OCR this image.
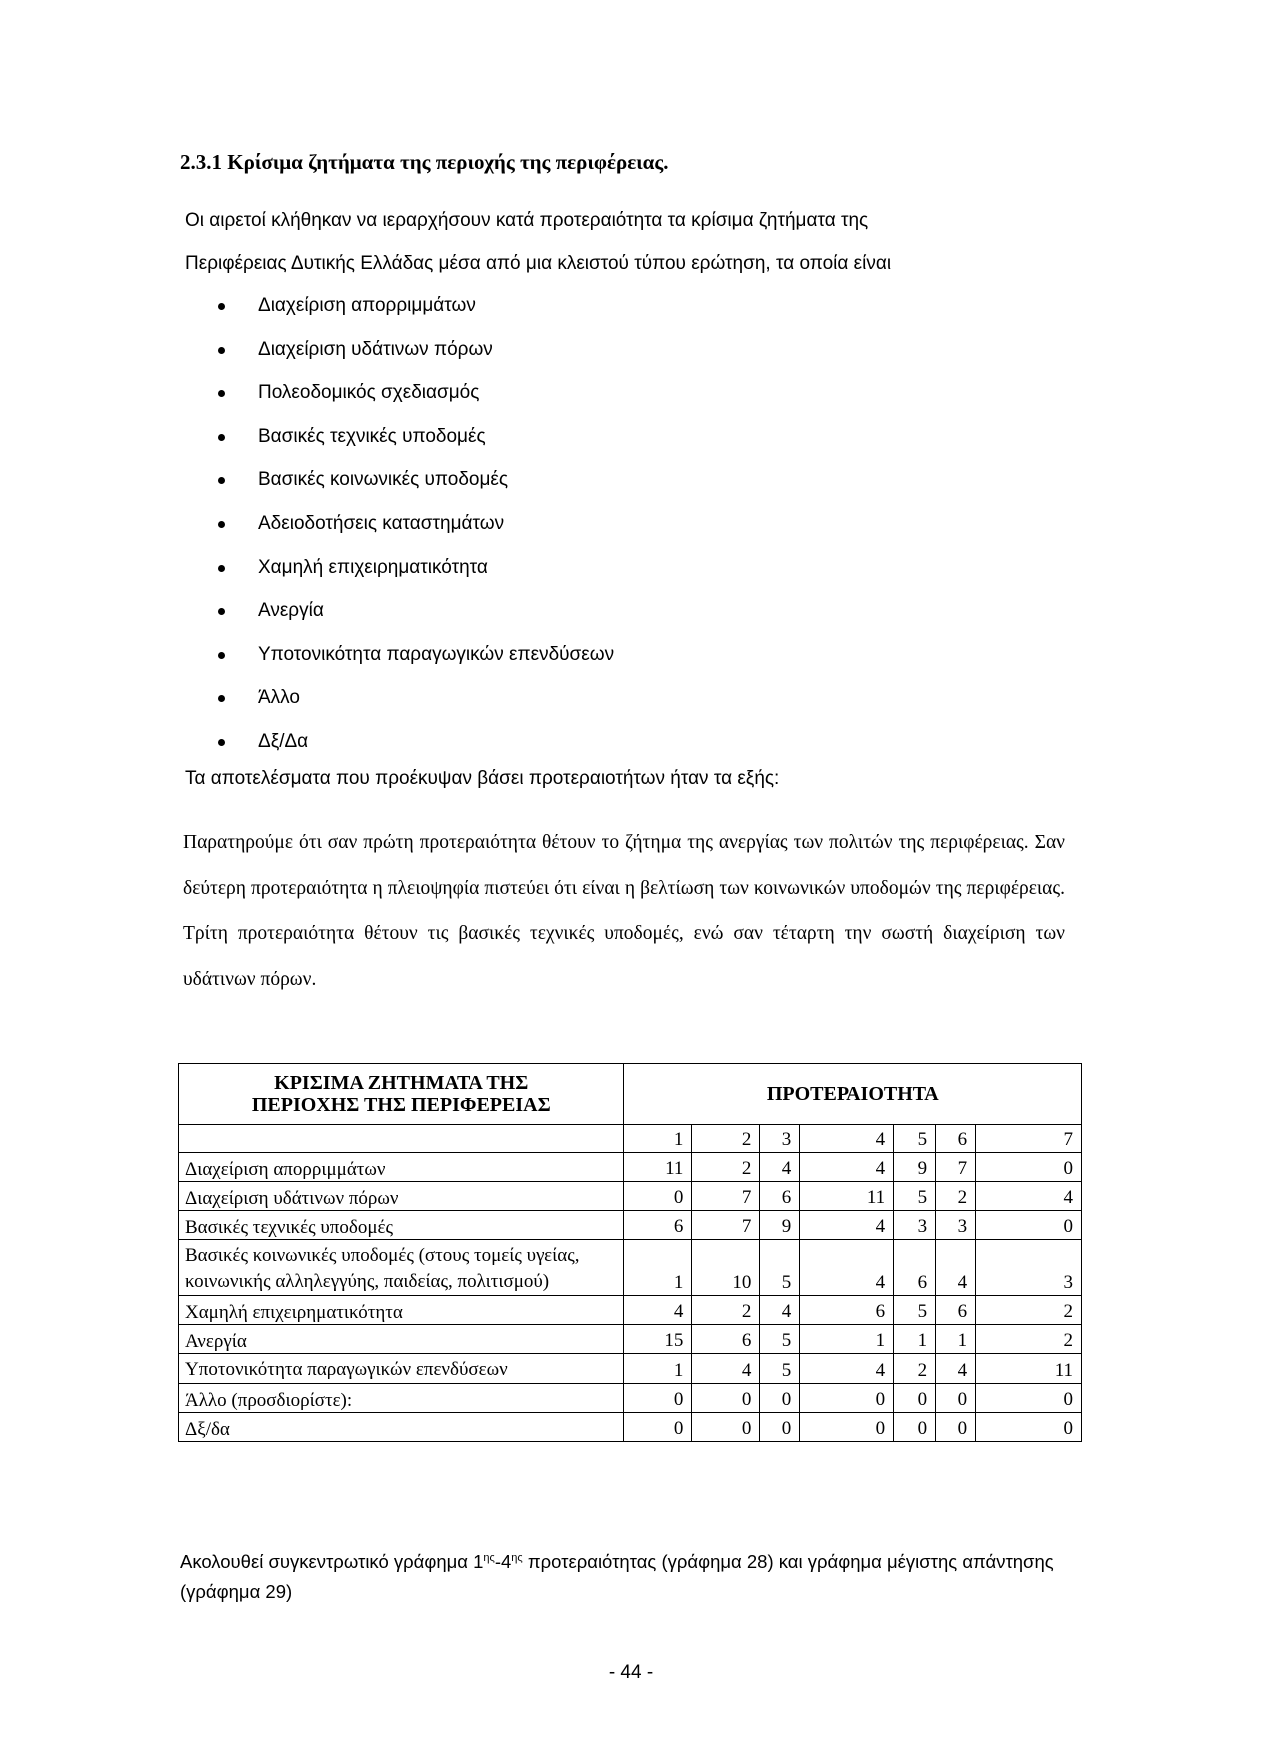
2.3.1 Κρίσιμα ζητήματα της περιοχής της περιφέρειας.
Οι αιρετοί κλήθηκαν να ιεραρχήσουν κατά προτεραιότητα τα κρίσιμα ζητήματα της
Περιφέρειας Δυτικής Ελλάδας μέσα από μια κλειστού τύπου ερώτηση, τα οποία είναι
Διαχείριση απορριμμάτων
Διαχείριση υδάτινων πόρων
Πολεοδομικός σχεδιασμός
Βασικές τεχνικές υποδομές
Βασικές κοινωνικές υποδομές
Αδειοδοτήσεις καταστημάτων
Χαμηλή επιχειρηματικότητα
Ανεργία
Υποτονικότητα παραγωγικών επενδύσεων
Άλλο
Δξ/Δα
Τα αποτελέσματα που προέκυψαν βάσει προτεραιοτήτων ήταν τα εξής:
Παρατηρούμε ότι σαν πρώτη προτεραιότητα θέτουν το ζήτημα της ανεργίας των πολιτών της περιφέρειας. Σαν δεύτερη προτεραιότητα η πλειοψηφία πιστεύει ότι είναι η βελτίωση των κοινωνικών υποδομών της περιφέρειας. Τρίτη προτεραιότητα θέτουν τις βασικές τεχνικές υποδομές, ενώ σαν τέταρτη την σωστή διαχείριση των υδάτινων πόρων.
ΚΡΙΣΙΜΑ ΖΗΤΗΜΑΤΑ ΤΗΣ
ΠΕΡΙΟΧΗΣ ΤΗΣ ΠΕΡΙΦΕΡΕΙΑΣ	ΠΡΟΤΕΡΑΙΟΤΗΤΑ						
	1	2	3	4	5	6	7
Διαχείριση απορριμμάτων	11	2	4	4	9	7	0
Διαχείριση υδάτινων πόρων	0	7	6	11	5	2	4
Βασικές τεχνικές υποδομές	6	7	9	4	3	3	0
Βασικές κοινωνικές υποδομές (στους τομείς υγείας, κοινωνικής αλληλεγγύης, παιδείας, πολιτισμού)	1	10	5	4	6	4	3
Χαμηλή επιχειρηματικότητα	4	2	4	6	5	6	2
Ανεργία	15	6	5	1	1	1	2
Υποτονικότητα παραγωγικών επενδύσεων	1	4	5	4	2	4	11
Άλλο (προσδιορίστε):	0	0	0	0	0	0	0
Δξ/δα	0	0	0	0	0	0	0
Ακολουθεί συγκεντρωτικό γράφημα $1^{\eta\varsigma}-4^{\eta\varsigma}$ προτεραιότητας (γράφημα 28) και γράφημα μέγιστης απάντησης (γράφημα 29)
- 44 -
